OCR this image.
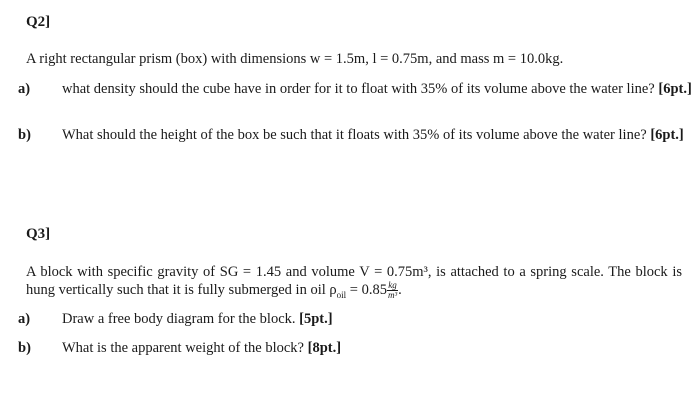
Q2]
A right rectangular prism (box) with dimensions w = 1.5m, l = 0.75m, and mass m = 10.0kg.
a) what density should the cube have in order for it to float with 35% of its volume above the water line? [6pt.]
b) What should the height of the box be such that it floats with 35% of its volume above the water line? [6pt.]
Q3]
A block with specific gravity of SG = 1.45 and volume V = 0.75m³, is attached to a spring scale. The block is hung vertically such that it is fully submerged in oil $\rho_{oil} = 0.85 \frac{kg}{\text{m³}}$ .
a) Draw a free body diagram for the block. [5pt.]
b) What is the apparent weight of the block? [8pt.]
